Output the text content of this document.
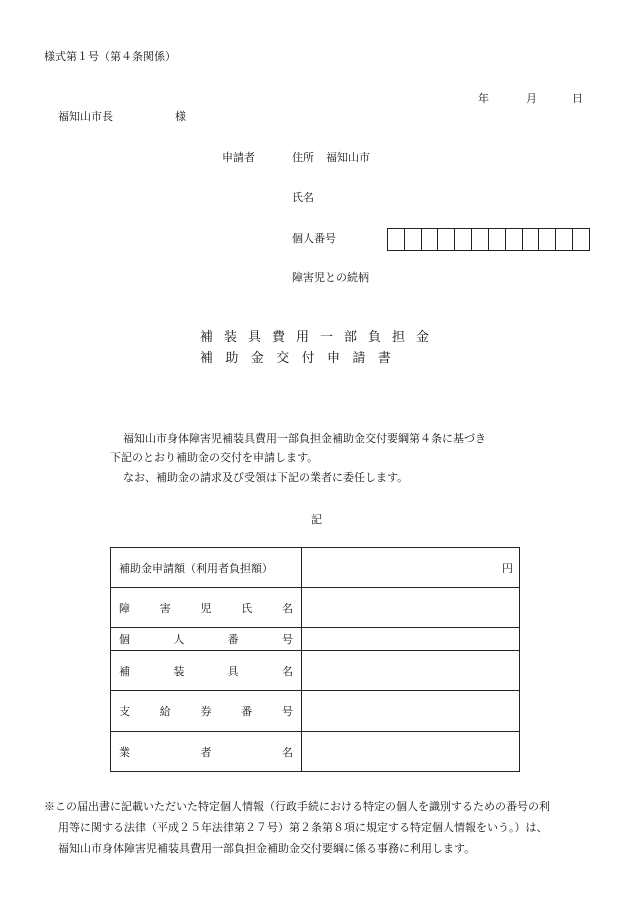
様式第１号（第４条関係）
年	月	日
福知山市長	様
申請者	住所 福知山市
氏名
個人番号
障害児との続柄
補装具費用一部負担金
補助金交付申請書
福知山市身体障害児補装具費用一部負担金補助金交付要綱第４条に基づき
下記のとおり補助金の交付を申請します。
なお、補助金の請求及び受領は下記の業者に委任します。
記
補助金申請額（利用者負担額）	円

障 害 児 氏 名	

個 人 番 号	

補 装 具 名	

支 給 券 番 号	

業 者 名	

※この届出書に記載いただいた特定個人情報（行政手続における特定の個人を識別するための番号の利

用等に関する法律（平成２５年法律第２７号）第２条第８項に規定する特定個人情報をいう。）は、

福知山市身体障害児補装具費用一部負担金補助金交付要綱に係る事務に利用します。
